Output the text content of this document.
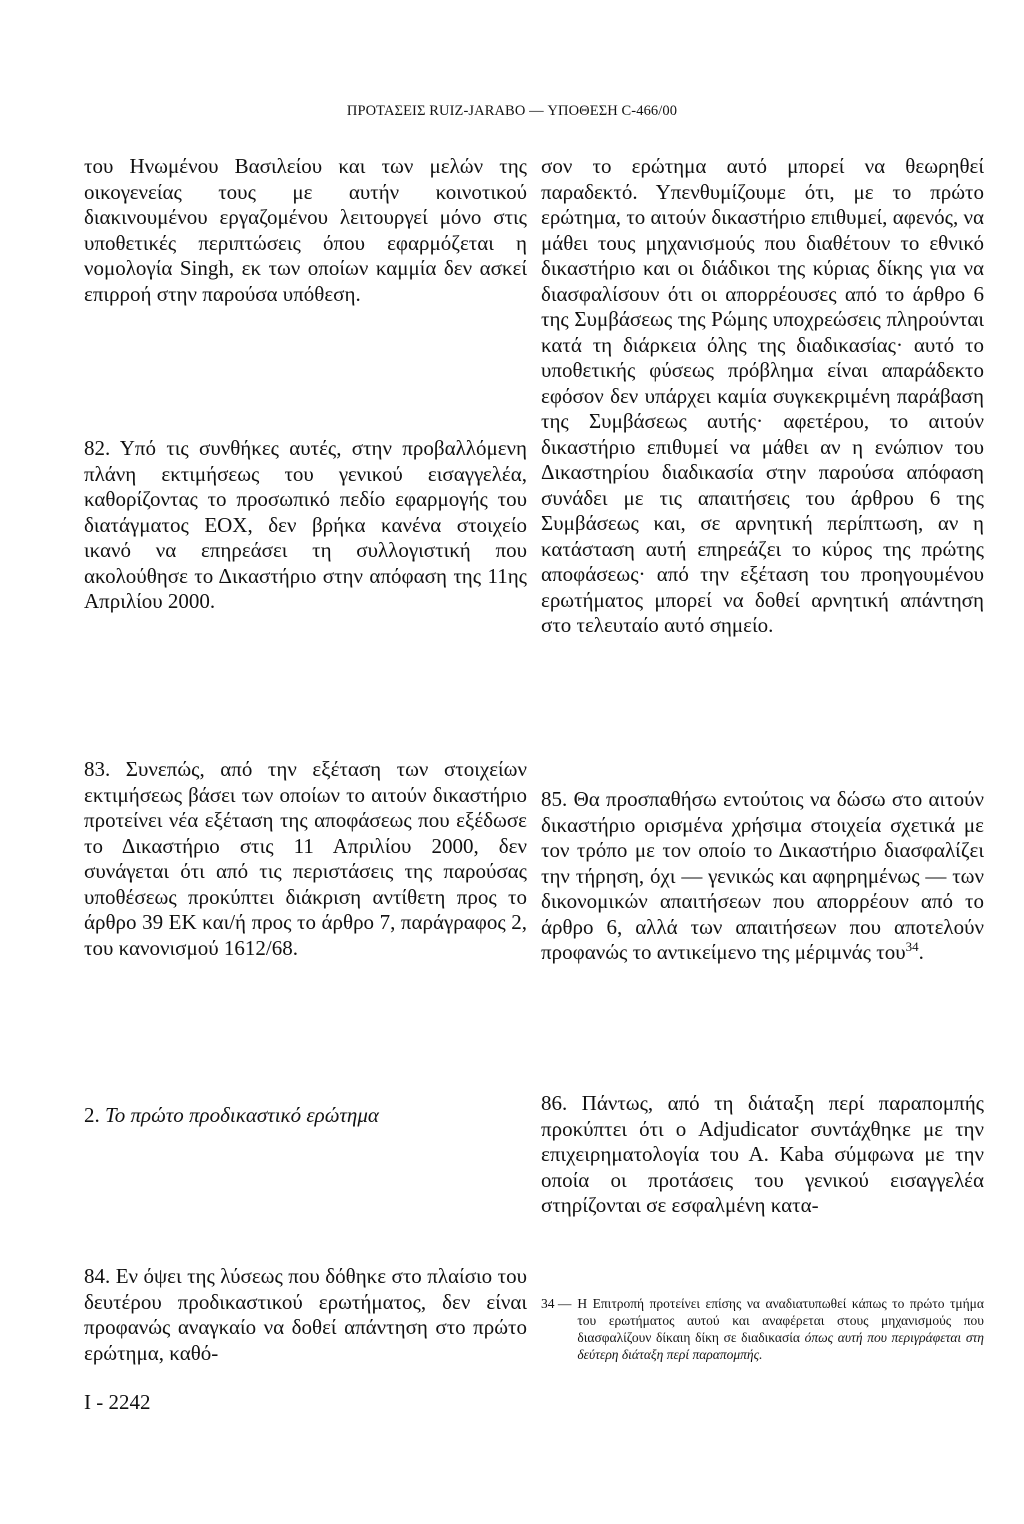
ΠΡΟΤΑΣΕΙΣ RUIZ-JARABO — ΥΠΟΘΕΣΗ C-466/00

του Ηνωμένου Βασιλείου και των μελών της οικογενείας τους με αυτήν κοινοτικού διακινουμένου εργαζομένου λειτουργεί μόνο στις υποθετικές περιπτώσεις όπου εφαρμόζεται η νομολογία Singh, εκ των οποίων καμμία δεν ασκεί επιρροή στην παρούσα υπόθεση.

82. Υπό τις συνθήκες αυτές, στην προβαλλόμενη πλάνη εκτιμήσεως του γενικού εισαγγελέα, καθορίζοντας το προσωπικό πεδίο εφαρμογής του διατάγματος ΕΟΧ, δεν βρήκα κανένα στοιχείο ικανό να επηρεάσει τη συλλογιστική που ακολούθησε το Δικαστήριο στην απόφαση της 11ης Απριλίου 2000.

83. Συνεπώς, από την εξέταση των στοιχείων εκτιμήσεως βάσει των οποίων το αιτούν δικαστήριο προτείνει νέα εξέταση της αποφάσεως που εξέδωσε το Δικαστήριο στις 11 Απριλίου 2000, δεν συνάγεται ότι από τις περιστάσεις της παρούσας υποθέσεως προκύπτει διάκριση αντίθετη προς το άρθρο 39 ΕΚ και/ή προς το άρθρο 7, παράγραφος 2, του κανονισμού 1612/68.

2. Το πρώτο προδικαστικό ερώτημα

84. Εν όψει της λύσεως που δόθηκε στο πλαίσιο του δευτέρου προδικαστικού ερωτήματος, δεν είναι προφανώς αναγκαίο να δοθεί απάντηση στο πρώτο ερώτημα, καθό-

σον το ερώτημα αυτό μπορεί να θεωρηθεί παραδεκτό. Υπενθυμίζουμε ότι, με το πρώτο ερώτημα, το αιτούν δικαστήριο επιθυμεί, αφενός, να μάθει τους μηχανισμούς που διαθέτουν το εθνικό δικαστήριο και οι διάδικοι της κύριας δίκης για να διασφαλίσουν ότι οι απορρέουσες από το άρθρο 6 της Συμβάσεως της Ρώμης υποχρεώσεις πληρούνται κατά τη διάρκεια όλης της διαδικασίας· αυτό το υποθετικής φύσεως πρόβλημα είναι απαράδεκτο εφόσον δεν υπάρχει καμία συγκεκριμένη παράβαση της Συμβάσεως αυτής· αφετέρου, το αιτούν δικαστήριο επιθυμεί να μάθει αν η ενώπιον του Δικαστηρίου διαδικασία στην παρούσα απόφαση συνάδει με τις απαιτήσεις του άρθρου 6 της Συμβάσεως και, σε αρνητική περίπτωση, αν η κατάσταση αυτή επηρεάζει το κύρος της πρώτης αποφάσεως· από την εξέταση του προηγουμένου ερωτήματος μπορεί να δοθεί αρνητική απάντηση στο τελευταίο αυτό σημείο.

85. Θα προσπαθήσω εντούτοις να δώσω στο αιτούν δικαστήριο ορισμένα χρήσιμα στοιχεία σχετικά με τον τρόπο με τον οποίο το Δικαστήριο διασφαλίζει την τήρηση, όχι — γενικώς και αφηρημένως — των δικονομικών απαιτήσεων που απορρέουν από το άρθρο 6, αλλά των απαιτήσεων που αποτελούν προφανώς το αντικείμενο της μέριμνάς του$^{34}$.

86. Πάντως, από τη διάταξη περί παραπομπής προκύπτει ότι ο Adjudicator συντάχθηκε με την επιχειρηματολογία του Α. Kaba σύμφωνα με την οποία οι προτάσεις του γενικού εισαγγελέα στηρίζονται σε εσφαλμένη κατα-

34 — Η Επιτροπή προτείνει επίσης να αναδιατυπωθεί κάπως το πρώτο τμήμα του ερωτήματος αυτού και αναφέρεται στους μηχανισμούς που διασφαλίζουν δίκαιη δίκη σε διαδικασία όπως αυτή που περιγράφεται στη δεύτερη διάταξη περί παραπομπής.
I - 2242
